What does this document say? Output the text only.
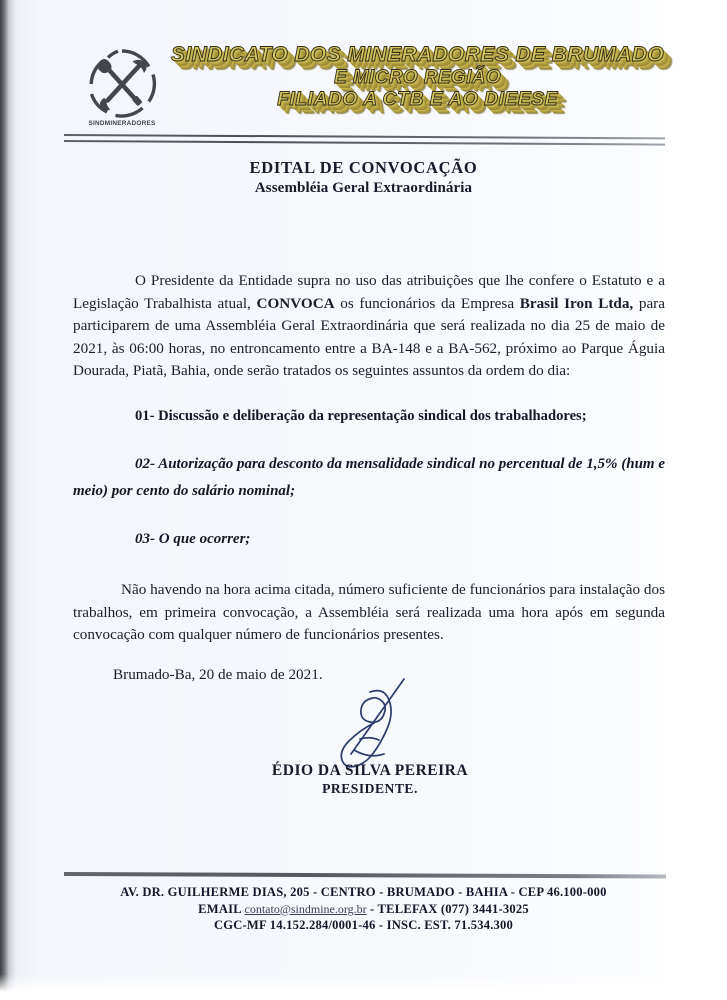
SINDMINERADORES
SINDICATO DOS MINERADORES DE BRUMADO
E MICRO REGIÃO
FILIADO A CTB E AO DIEESE
EDITAL DE CONVOCAÇÃO
Assembléia Geral Extraordinária

O Presidente da Entidade supra no uso das atribuições que lhe confere o Estatuto e a Legislação Trabalhista atual, CONVOCA os funcionários da Empresa Brasil Iron Ltda, para participarem de uma Assembléia Geral Extraordinária que será realizada no dia 25 de maio de 2021, às 06:00 horas, no entroncamento entre a BA-148 e a BA-562, próximo ao Parque Águia Dourada, Piatã, Bahia, onde serão tratados os seguintes assuntos da ordem do dia:

01- Discussão e deliberação da representação sindical dos trabalhadores;

02- Autorização para desconto da mensalidade sindical no percentual de 1,5% (hum e meio) por cento do salário nominal;

03- O que ocorrer;

Não havendo na hora acima citada, número suficiente de funcionários para instalação dos trabalhos, em primeira convocação, a Assembléia será realizada uma hora após em segunda convocação com qualquer número de funcionários presentes.

Brumado-Ba, 20 de maio de 2021.

ÉDIO DA SILVA PEREIRA
PRESIDENTE.
AV. DR. GUILHERME DIAS, 205 - CENTRO - BRUMADO - BAHIA - CEP 46.100-000
EMAIL contato@sindmine.org.br - TELEFAX (077) 3441-3025
CGC-MF 14.152.284/0001-46 - INSC. EST. 71.534.300
